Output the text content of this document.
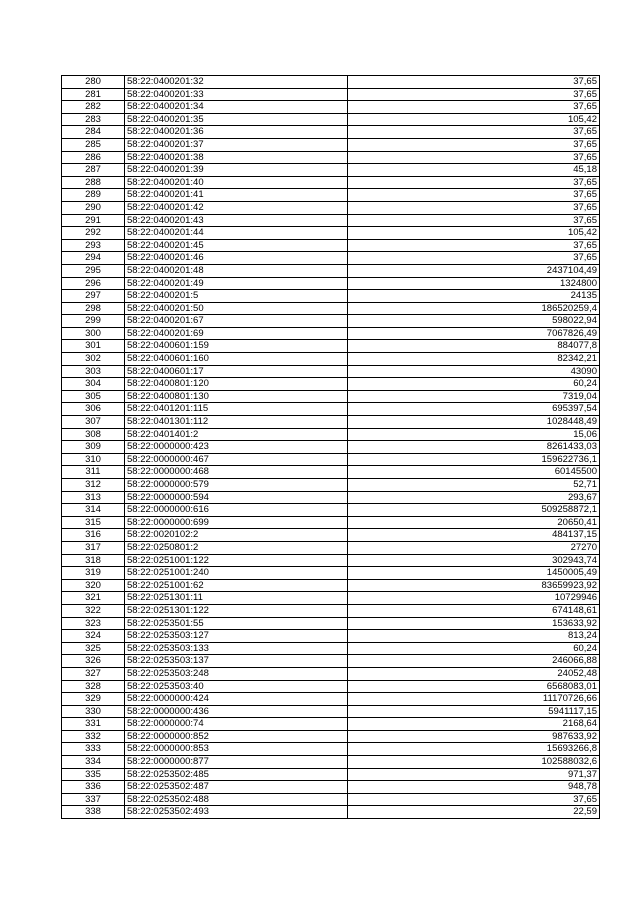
280	58:22:0400201:32	37,65
281	58:22:0400201:33	37,65
282	58:22:0400201:34	37,65
283	58:22:0400201:35	105,42
284	58:22:0400201:36	37,65
285	58:22:0400201:37	37,65
286	58:22:0400201:38	37,65
287	58:22:0400201:39	45,18
288	58:22:0400201:40	37,65
289	58:22:0400201:41	37,65
290	58:22:0400201:42	37,65
291	58:22:0400201:43	37,65
292	58:22:0400201:44	105,42
293	58:22:0400201:45	37,65
294	58:22:0400201:46	37,65
295	58:22:0400201:48	2437104,49
296	58:22:0400201:49	1324800
297	58:22:0400201:5	24135
298	58:22:0400201:50	186520259,4
299	58:22:0400201:67	598022,94
300	58:22:0400201:69	7067826,49
301	58:22:0400601:159	884077,8
302	58:22:0400601:160	82342,21
303	58:22:0400601:17	43090
304	58:22:0400801:120	60,24
305	58:22:0400801:130	7319,04
306	58:22:0401201:115	695397,54
307	58:22:0401301:112	1028448,49
308	58:22:0401401:2	15,06
309	58:22:0000000:423	8261433,03
310	58:22:0000000:467	159622736,1
311	58:22:0000000:468	60145500
312	58:22:0000000:579	52,71
313	58:22:0000000:594	293,67
314	58:22:0000000:616	509258872,1
315	58:22:0000000:699	20650,41
316	58:22:0020102:2	484137,15
317	58:22:0250801:2	27270
318	58:22:0251001:122	302943,74
319	58:22:0251001:240	1450005,49
320	58:22:0251001:62	83659923,92
321	58:22:0251301:11	10729946
322	58:22:0251301:122	674148,61
323	58:22:0253501:55	153633,92
324	58:22:0253503:127	813,24
325	58:22:0253503:133	60,24
326	58:22:0253503:137	246066,88
327	58:22:0253503:248	24052,48
328	58:22:0253503:40	6568083,01
329	58:22:0000000:424	11170726,66
330	58:22:0000000:436	5941117,15
331	58:22:0000000:74	2168,64
332	58:22:0000000:852	987633,92
333	58:22:0000000:853	15693266,8
334	58:22:0000000:877	102588032,6
335	58:22:0253502:485	971,37
336	58:22:0253502:487	948,78
337	58:22:0253502:488	37,65
338	58:22:0253502:493	22,59
